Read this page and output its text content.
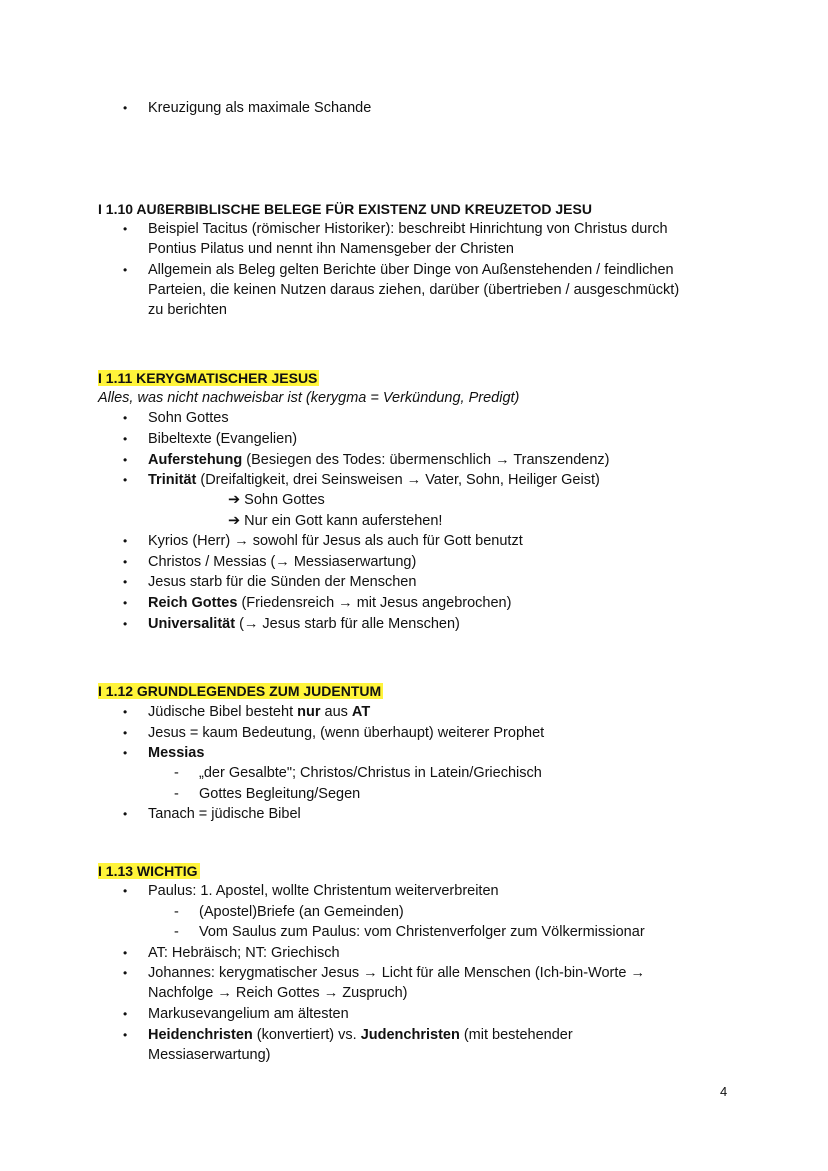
• Kreuzigung als maximale Schande
I 1.10 AUßERBIBLISCHE BELEGE FÜR EXISTENZ UND KREUZETOD JESU
• Beispiel Tacitus (römischer Historiker): beschreibt Hinrichtung von Christus durch
Pontius Pilatus und nennt ihn Namensgeber der Christen
• Allgemein als Beleg gelten Berichte über Dinge von Außenstehenden / feindlichen
Parteien, die keinen Nutzen daraus ziehen, darüber (übertrieben / ausgeschmückt)
zu berichten
I 1.11 KERYGMATISCHER JESUS
Alles, was nicht nachweisbar ist (kerygma = Verkündung, Predigt)
• Sohn Gottes
• Bibeltexte (Evangelien)
• Auferstehung (Besiegen des Todes: übermenschlich → Transzendenz)
• Trinität (Dreifaltigkeit, drei Seinsweisen → Vater, Sohn, Heiliger Geist)
➔ Sohn Gottes
➔ Nur ein Gott kann auferstehen!
• Kyrios (Herr) → sowohl für Jesus als auch für Gott benutzt
• Christos / Messias (→ Messiaserwartung)
• Jesus starb für die Sünden der Menschen
• Reich Gottes (Friedensreich → mit Jesus angebrochen)
• Universalität (→ Jesus starb für alle Menschen)
I 1.12 GRUNDLEGENDES ZUM JUDENTUM
• Jüdische Bibel besteht nur aus AT
• Jesus = kaum Bedeutung, (wenn überhaupt) weiterer Prophet
• Messias
- „der Gesalbte"; Christos/Christus in Latein/Griechisch
- Gottes Begleitung/Segen
• Tanach = jüdische Bibel
I 1.13 WICHTIG
• Paulus: 1. Apostel, wollte Christentum weiterverbreiten
- (Apostel)Briefe (an Gemeinden)
- Vom Saulus zum Paulus: vom Christenverfolger zum Völkermissionar
• AT: Hebräisch; NT: Griechisch
• Johannes: kerygmatischer Jesus → Licht für alle Menschen (Ich-bin-Worte →
Nachfolge → Reich Gottes → Zuspruch)
• Markusevangelium am ältesten
• Heidenchristen (konvertiert) vs. Judenchristen (mit bestehender
Messiaserwartung)
4
